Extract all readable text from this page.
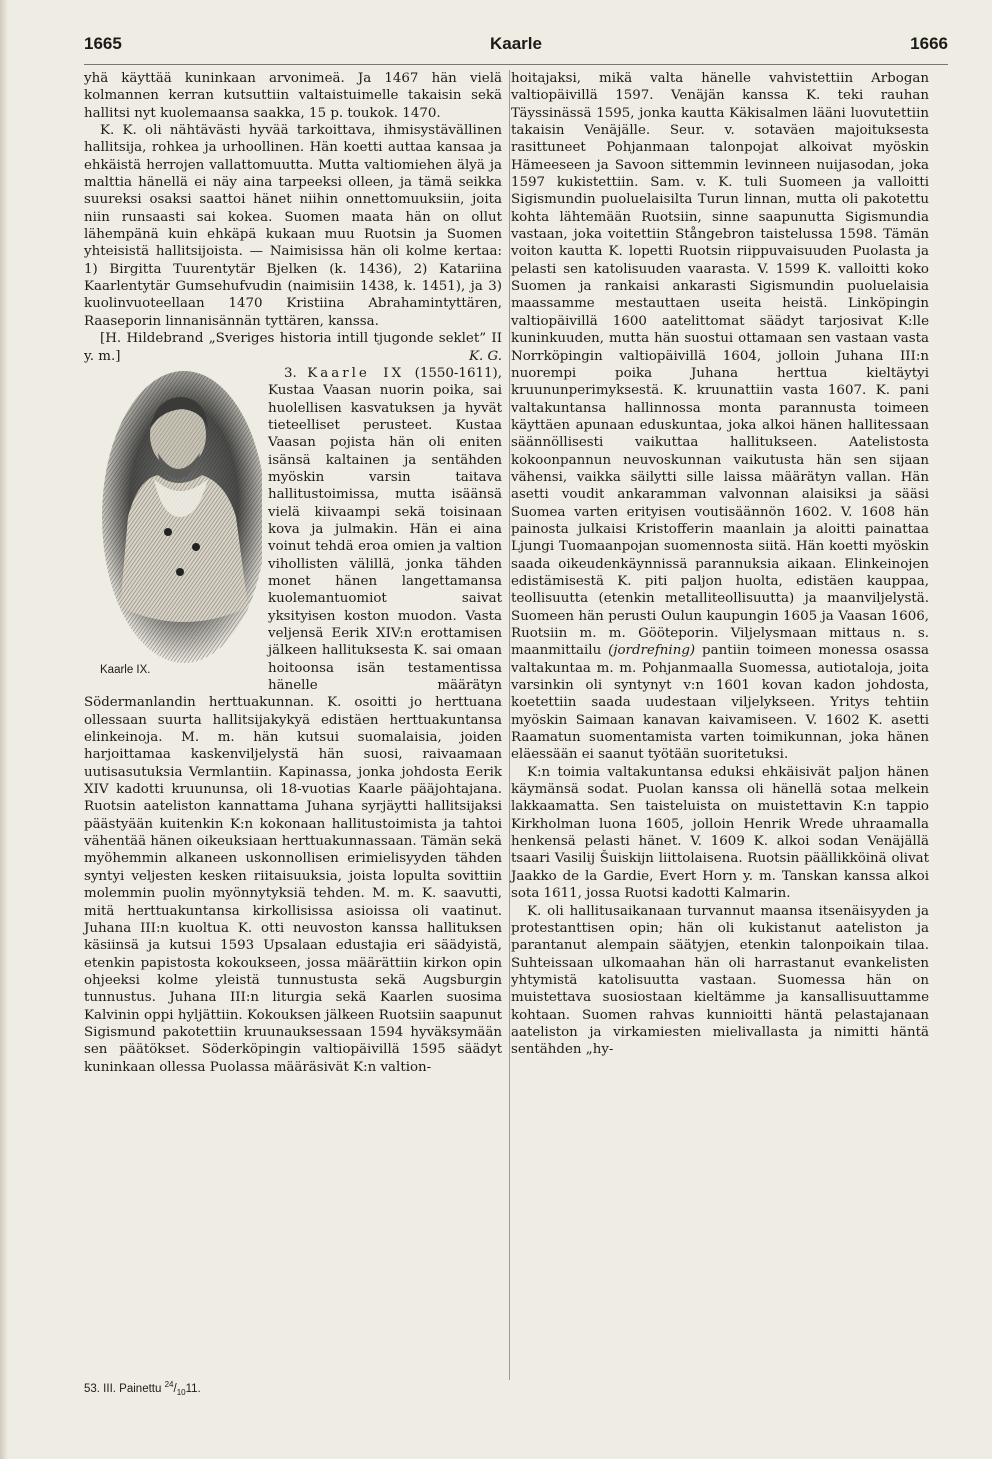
1665	Kaarle	1666

yhä käyttää kuninkaan arvonimeä. Ja 1467 hän vielä kolmannen kerran kutsuttiin valtaistuimelle takaisin sekä hallitsi nyt kuolemaansa saakka, 15 p. toukok. 1470.

K. K. oli nähtävästi hyvää tarkoittava, ihmisystävällinen hallitsija, rohkea ja urhoollinen. Hän koetti auttaa kansaa ja ehkäistä herrojen vallattomuutta. Mutta valtiomiehen älyä ja malttia hänellä ei näy aina tarpeeksi olleen, ja tämä seikka suureksi osaksi saattoi hänet niihin onnettomuuksiin, joita niin runsaasti sai kokea. Suomen maata hän on ollut lähempänä kuin ehkäpä kukaan muu Ruotsin ja Suomen yhteisistä hallitsijoista. — Naimisissa hän oli kolme kertaa: 1) Birgitta Tuurentytär Bjelken (k. 1436), 2) Katariina Kaarlentytär Gumsehufvudin (naimisiin 1438, k. 1451), ja 3) kuolinvuoteellaan 1470 Kristiina Abrahamintyttären, Raaseporin linnanisännän tyttären, kanssa.

[H. Hildebrand „Sveriges historia intill tjugonde seklet” II y. m.]	K. G.

3. Kaarle IX
Kaarle IX.
(1550-1611), Kustaa Vaasan nuorin poika, sai huolellisen kasvatuksen ja hyvät tieteelliset perusteet. Kustaa Vaasan pojista hän oli eniten isänsä kaltainen ja sentähden myöskin varsin taitava hallitustoimissa, mutta isäänsä vielä kiivaampi sekä toisinaan kova ja julmakin. Hän ei aina voinut tehdä eroa omien ja valtion vihollisten välillä, jonka tähden monet hänen langettamansa kuolemantuomiot saivat yksityisen koston muodon. Vasta veljensä Eerik XIV:n erottamisen jälkeen hallituksesta K. sai omaan hoitoonsa isän testamentissa hänelle määrätyn Södermanlandin herttuakunnan. K. osoitti jo herttuana ollessaan suurta hallitsijakykyä edistäen herttuakuntansa elinkeinoja. M. m. hän kutsui suomalaisia, joiden harjoittamaa kaskenviljelystä hän suosi, raivaamaan uutisasutuksia Vermlantiin. Kapinassa, jonka johdosta Eerik XIV kadotti kruununsa, oli 18-vuotias Kaarle pääjohtajana. Ruotsin aateliston kannattama Juhana syrjäytti hallitsijaksi päästyään kuitenkin K:n kokonaan hallitustoimista ja tahtoi vähentää hänen oikeuksiaan herttuakunnassaan. Tämän sekä myöhemmin alkaneen uskonnollisen erimielisyyden tähden syntyi veljesten kesken riitaisuuksia, joista lopulta sovittiin molemmin puolin myönnytyksiä tehden. M. m. K. saavutti, mitä herttuakuntansa kirkollisissa asioissa oli vaatinut. Juhana III:n kuoltua K. otti neuvoston kanssa hallituksen käsiinsä ja kutsui 1593 Upsalaan edustajia eri säädyistä, etenkin papistosta kokoukseen, jossa määrättiin kirkon opin ohjeeksi kolme yleistä tunnustusta sekä Augsburgin tunnustus. Juhana III:n liturgia sekä Kaarlen suosima Kalvinin oppi hyljättiin. Kokouksen jälkeen Ruotsiin saapunut Sigismund pakotettiin kruunauksessaan 1594 hyväksymään sen päätökset. Söderköpingin valtiopäivillä 1595 säädyt kuninkaan ollessa Puolassa määräsivät K:n valtion-

hoitajaksi, mikä valta hänelle vahvistettiin Arbogan valtiopäivillä 1597. Venäjän kanssa K. teki rauhan Täyssinässä 1595, jonka kautta Käkisalmen lääni luovutettiin takaisin Venäjälle. Seur. v. sotaväen majoituksesta rasittuneet Pohjanmaan talonpojat alkoivat myöskin Hämeeseen ja Savoon sittemmin levinneen nuijasodan, joka 1597 kukistettiin. Sam. v. K. tuli Suomeen ja valloitti Sigismundin puoluelaisilta Turun linnan, mutta oli pakotettu kohta lähtemään Ruotsiin, sinne saapunutta Sigismundia vastaan, joka voitettiin Stångebron taistelussa 1598. Tämän voiton kautta K. lopetti Ruotsin riippuvaisuuden Puolasta ja pelasti sen katolisuuden vaarasta. V. 1599 K. valloitti koko Suomen ja rankaisi ankarasti Sigismundin puoluelaisia maassamme mestauttaen useita heistä. Linköpingin valtiopäivillä 1600 aatelittomat säädyt tarjosivat K:lle kuninkuuden, mutta hän suostui ottamaan sen vastaan vasta Norrköpingin valtiopäivillä 1604, jolloin Juhana III:n nuorempi poika Juhana herttua kieltäytyi kruununperimyksestä. K. kruunattiin vasta 1607. K. pani valtakuntansa hallinnossa monta parannusta toimeen käyttäen apunaan eduskuntaa, joka alkoi hänen hallitessaan säännöllisesti vaikuttaa hallitukseen. Aatelistosta kokoonpannun neuvoskunnan vaikutusta hän sen sijaan vähensi, vaikka säilytti sille laissa määrätyn vallan. Hän asetti voudit ankaramman valvonnan alaisiksi ja sääsi Suomea varten erityisen voutisäännön 1602. V. 1608 hän painosta julkaisi Kristofferin maanlain ja aloitti painattaa Ljungi Tuomaanpojan suomennosta siitä. Hän koetti myöskin saada oikeudenkäynnissä parannuksia aikaan. Elinkeinojen edistämisestä K. piti paljon huolta, edistäen kauppaa, teollisuutta (etenkin metalliteollisuutta) ja maanviljelystä. Suomeen hän perusti Oulun kaupungin 1605 ja Vaasan 1606, Ruotsiin m. m. Gööteporin. Viljelysmaan mittaus n. s. maanmittailu (jordrefning) pantiin toimeen monessa osassa valtakuntaa m. m. Pohjanmaalla Suomessa, autiotaloja, joita varsinkin oli syntynyt v:n 1601 kovan kadon johdosta, koetettiin saada uudestaan viljelykseen. Yritys tehtiin myöskin Saimaan kanavan kaivamiseen. V. 1602 K. asetti Raamatun suomentamista varten toimikunnan, joka hänen eläessään ei saanut työtään suoritetuksi.

K:n toimia valtakuntansa eduksi ehkäisivät paljon hänen käymänsä sodat. Puolan kanssa oli hänellä sotaa melkein lakkaamatta. Sen taisteluista on muistettavin K:n tappio Kirkholman luona 1605, jolloin Henrik Wrede uhraamalla henkensä pelasti hänet. V. 1609 K. alkoi sodan Venäjällä tsaari Vasilij Šuiskijn liittolaisena. Ruotsin päällikköinä olivat Jaakko de la Gardie, Evert Horn y. m. Tanskan kanssa alkoi sota 1611, jossa Ruotsi kadotti Kalmarin.

K. oli hallitusaikanaan turvannut maansa itsenäisyyden ja protestanttisen opin; hän oli kukistanut aateliston ja parantanut alempain säätyjen, etenkin talonpoikain tilaa. Suhteissaan ulkomaahan hän oli harrastanut evankelisten yhtymistä katolisuutta vastaan. Suomessa hän on muistettava suosiostaan kieltämme ja kansallisuuttamme kohtaan. Suomen rahvas kunnioitti häntä pelastajanaan aateliston ja virkamiesten mielivallasta ja nimitti häntä sentähden „hy-

53. III. Painettu $^{24}/_{10}11$.
